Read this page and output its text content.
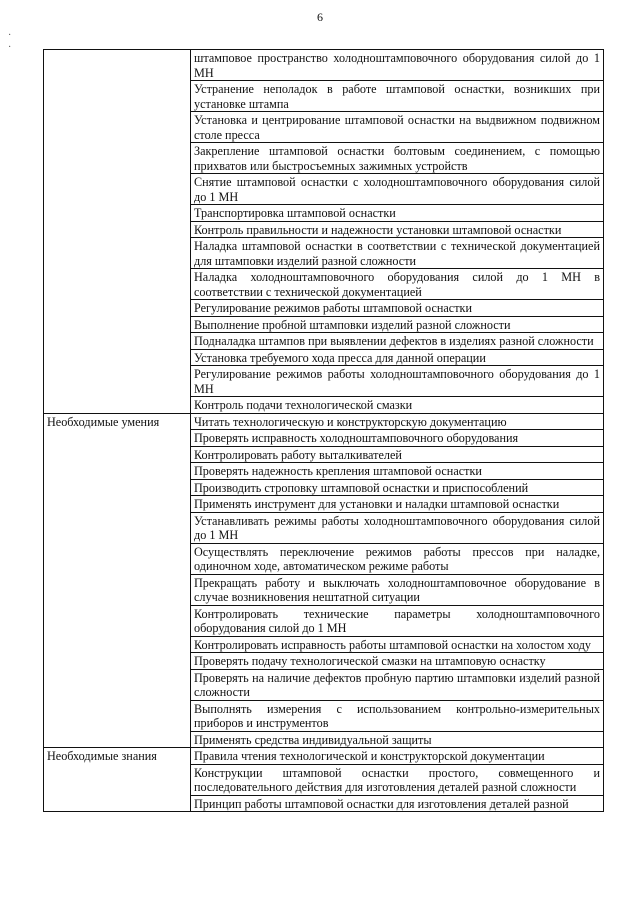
6
·
·
	штамповое пространство холодноштамповочного оборудования силой до 1 МН
	Устранение неполадок в работе штамповой оснастки, возникших при установке штампа
	Установка и центрирование штамповой оснастки на выдвижном подвижном столе пресса
	Закрепление штамповой оснастки болтовым соединением, с помощью прихватов или быстросъемных зажимных устройств
	Снятие штамповой оснастки с холодноштамповочного оборудования силой до 1 МН
	Транспортировка штамповой оснастки
	Контроль правильности и надежности установки штамповой оснастки
	Наладка штамповой оснастки в соответствии с технической документацией для штамповки изделий разной сложности
	Наладка холодноштамповочного оборудования силой до 1 МН в соответствии с технической документацией
	Регулирование режимов работы штамповой оснастки
	Выполнение пробной штамповки изделий разной сложности
	Подналадка штампов при выявлении дефектов в изделиях разной сложности
	Установка требуемого хода пресса для данной операции
	Регулирование режимов работы холодноштамповочного оборудования до 1 МН
	Контроль подачи технологической смазки
Необходимые умения	Читать технологическую и конструкторскую документацию
	Проверять исправность холодноштамповочного оборудования
	Контролировать работу выталкивателей
	Проверять надежность крепления штамповой оснастки
	Производить строповку штамповой оснастки и приспособлений
	Применять инструмент для установки и наладки штамповой оснастки
	Устанавливать режимы работы холодноштамповочного оборудования силой до 1 МН
	Осуществлять переключение режимов работы прессов при наладке, одиночном ходе, автоматическом режиме работы
	Прекращать работу и выключать холодноштамповочное оборудование в случае возникновения нештатной ситуации
	Контролировать технические параметры холодноштамповочного оборудования силой до 1 МН
	Контролировать исправность работы штамповой оснастки на холостом ходу
	Проверять подачу технологической смазки на штамповую оснастку
	Проверять на наличие дефектов пробную партию штамповки изделий разной сложности
	Выполнять измерения с использованием контрольно-измерительных приборов и инструментов
	Применять средства индивидуальной защиты
Необходимые знания	Правила чтения технологической и конструкторской документации
	Конструкции штамповой оснастки простого, совмещенного и последовательного действия для изготовления деталей разной сложности
	Принцип работы штамповой оснастки для изготовления деталей разной
